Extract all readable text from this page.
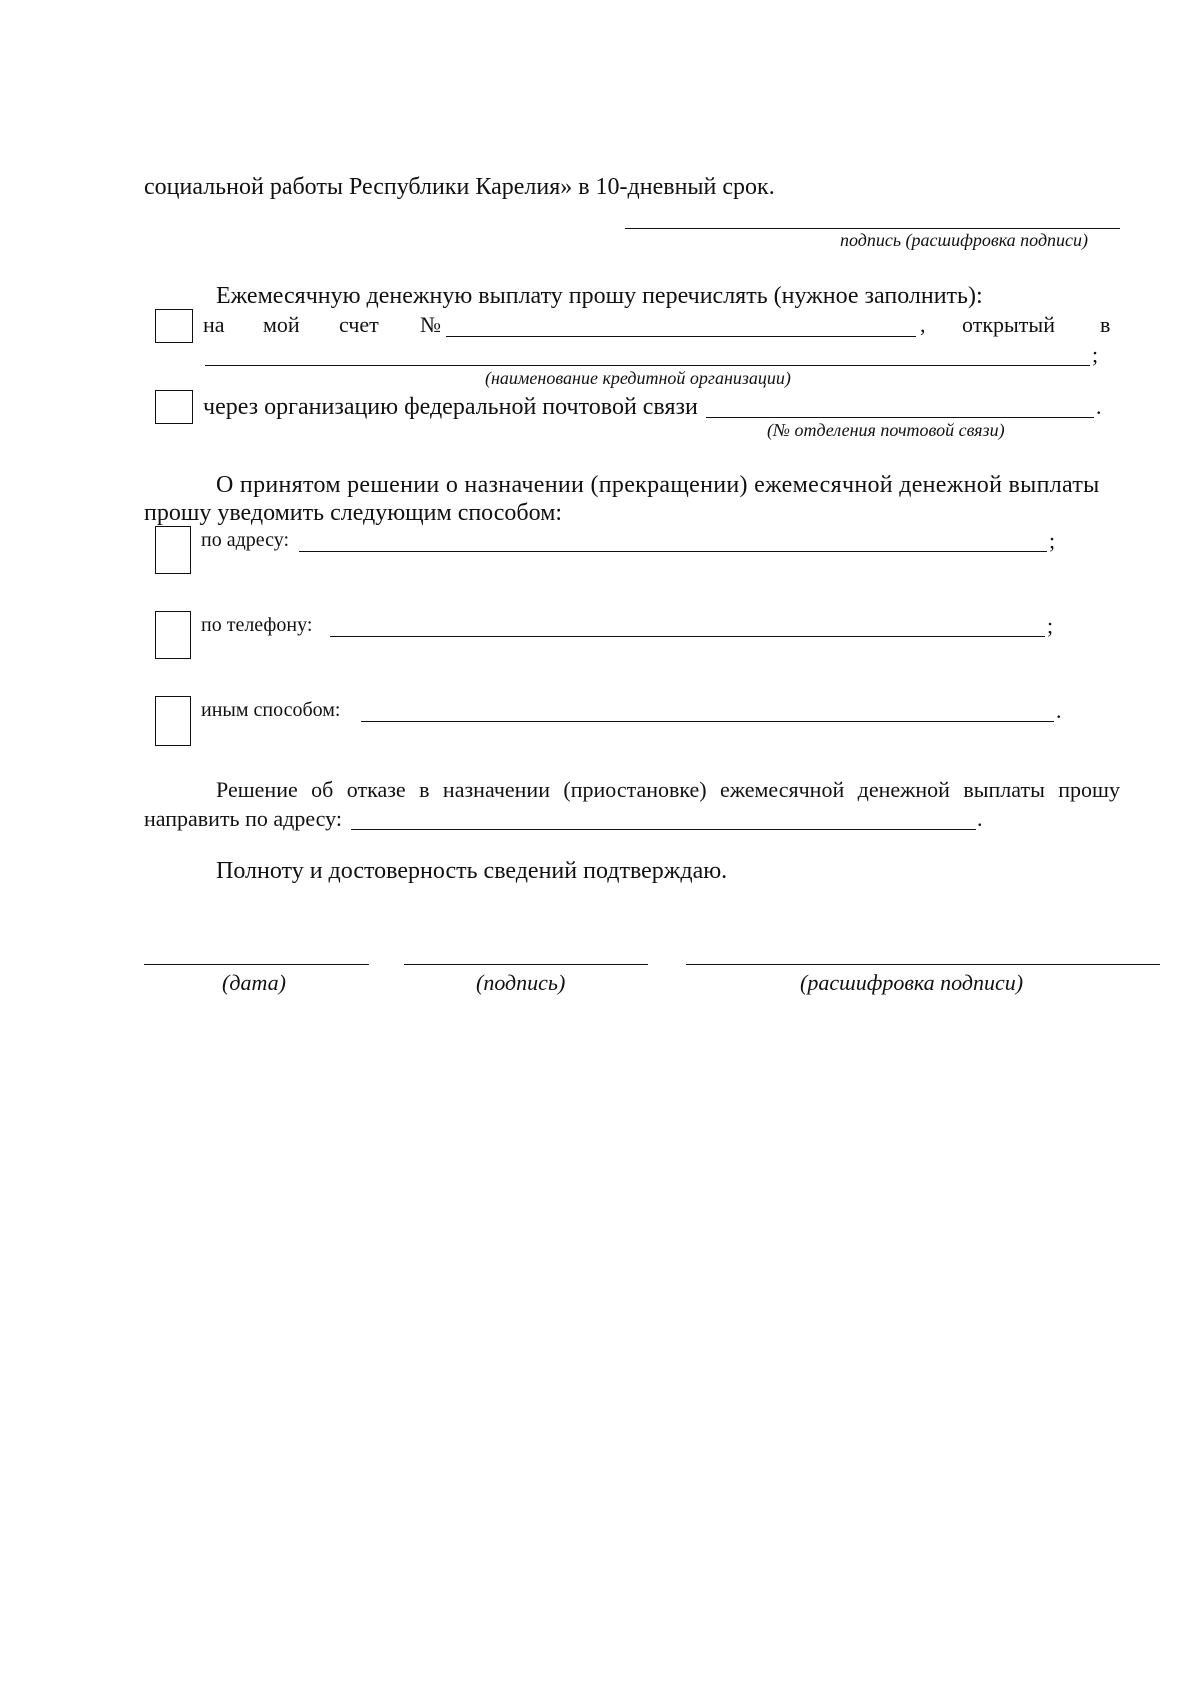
социальной работы Республики Карелия» в 10-дневный срок.
подпись (расшифровка подписи)
Ежемесячную денежную выплату прошу перечислять (нужное заполнить):
на мой счет №	, открытый в
;
(наименование кредитной организации)
через организацию федеральной почтовой связи	.
(№ отделения почтовой связи)
О принятом решении о назначении (прекращении) ежемесячной денежной выплаты
прошу уведомить следующим способом:
по адресу:	;
по телефону:	;
иным способом:	.
Решение об отказе в назначении (приостановке) ежемесячной денежной выплаты прошу
направить по адресу:	.
Полноту и достоверность сведений подтверждаю.
(дата)	(подпись)	(расшифровка подписи)
